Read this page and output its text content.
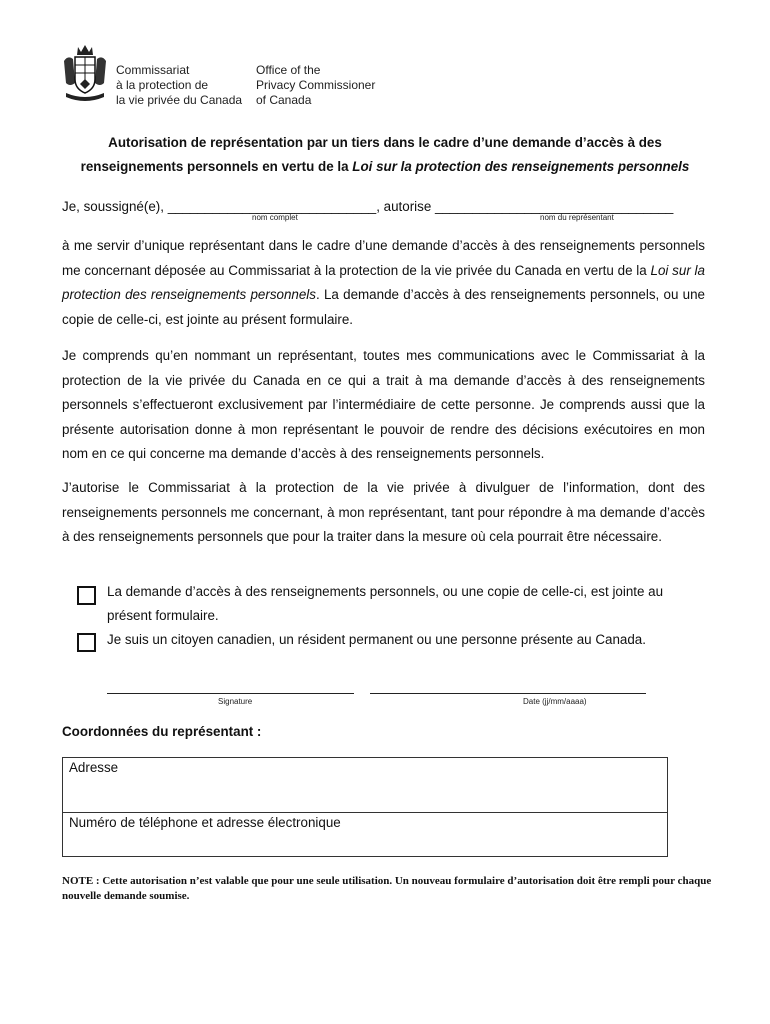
Commissariat
à la protection de
la vie privée du Canada
Office of the
Privacy Commissioner
of Canada
Autorisation de représentation par un tiers dans le cadre d’une demande d’accès à des
renseignements personnels en vertu de la Loi sur la protection des renseignements personnels
Je, soussigné(e), ____________________________, autorise ________________________________
nom complet	nom du représentant
à me servir d’unique représentant dans le cadre d’une demande d’accès à des renseignements personnels me concernant déposée au Commissariat à la protection de la vie privée du Canada en vertu de la Loi sur la protection des renseignements personnels. La demande d’accès à des renseignements personnels, ou une copie de celle-ci, est jointe au présent formulaire.
Je comprends qu’en nommant un représentant, toutes mes communications avec le Commissariat à la protection de la vie privée du Canada en ce qui a trait à ma demande d’accès à des renseignements personnels s’effectueront exclusivement par l’intermédiaire de cette personne. Je comprends aussi que la présente autorisation donne à mon représentant le pouvoir de rendre des décisions exécutoires en mon nom en ce qui concerne ma demande d’accès à des renseignements personnels.
J’autorise le Commissariat à la protection de la vie privée à divulguer de l’information, dont des renseignements personnels me concernant, à mon représentant, tant pour répondre à ma demande d’accès à des renseignements personnels que pour la traiter dans la mesure où cela pourrait être nécessaire.
La demande d’accès à des renseignements personnels, ou une copie de celle-ci, est jointe au présent formulaire.
Je suis un citoyen canadien, un résident permanent ou une personne présente au Canada.
Signature	Date (jj/mm/aaaa)
Coordonnées du représentant :
Adresse
Numéro de téléphone et adresse électronique
NOTE : Cette autorisation n’est valable que pour une seule utilisation. Un nouveau formulaire d’autorisation doit être rempli pour chaque nouvelle demande soumise.
